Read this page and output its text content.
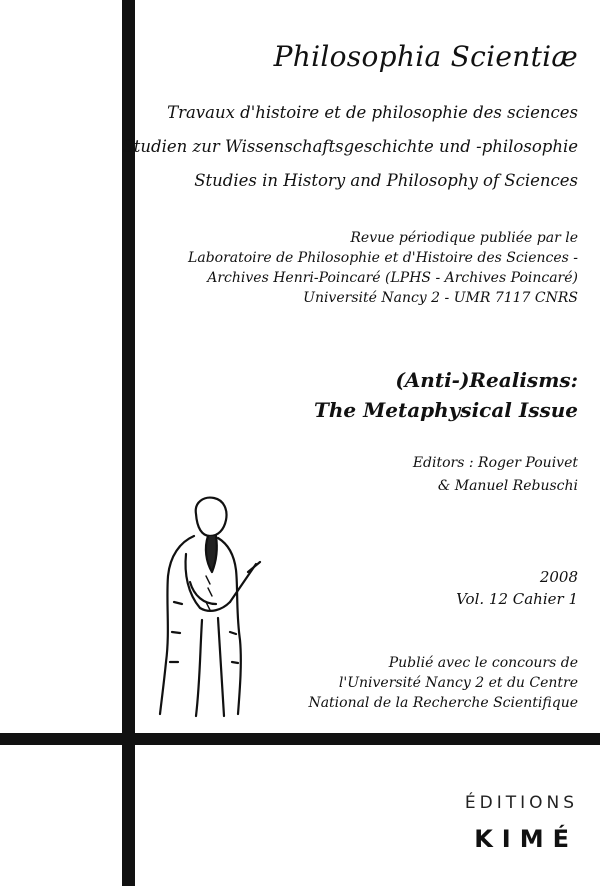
Philosophia Scientiæ
Travaux d'histoire et de philosophie des sciences
Studien zur Wissenschaftsgeschichte und -philosophie
Studies in History and Philosophy of Sciences
Revue périodique publiée par le
Laboratoire de Philosophie et d'Histoire des Sciences -
Archives Henri-Poincaré (LPHS - Archives Poincaré)
Université Nancy 2 - UMR 7117 CNRS
(Anti-)Realisms:
The Metaphysical Issue
Editors : Roger Pouivet
& Manuel Rebuschi
2008
Vol. 12 Cahier 1
Publié avec le concours de
l'Université Nancy 2 et du Centre
National de la Recherche Scientifique
ÉDITIONS
KIMÉ
